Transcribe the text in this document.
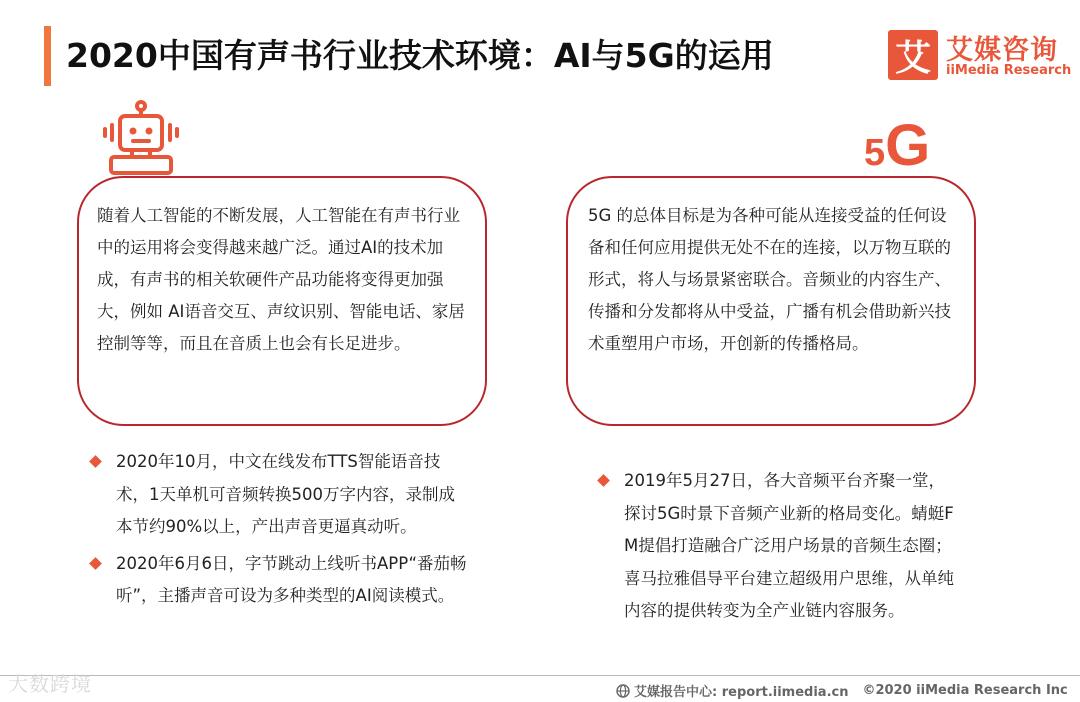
2020中国有声书行业技术环境：AI与5G的运用	艾 艾媒咨询
iiMedia Research
5G

随着人工智能的不断发展，人工智能在有声书行业中的运用将会变得越来越广泛。通过AI的技术加成，有声书的相关软硬件产品功能将变得更加强大，例如 AI语音交互、声纹识别、智能电话、家居控制等等，而且在音质上也会有长足进步。

5G 的总体目标是为各种可能从连接受益的任何设备和任何应用提供无处不在的连接，以万物互联的形式，将人与场景紧密联合。音频业的内容生产、传播和分发都将从中受益，广播有机会借助新兴技术重塑用户市场，开创新的传播格局。

2020年10月，中文在线发布TTS智能语音技术，1天单机可音频转换500万字内容，录制成本节约90%以上，产出声音更逼真动听。
2020年6月6日，字节跳动上线听书APP“番茄畅听”，主播声音可设为多种类型的AI阅读模式。
2019年5月27日，各大音频平台齐聚一堂，探讨5G时景下音频产业新的格局变化。蜻蜓FM提倡打造融合广泛用户场景的音频生态圈；喜马拉雅倡导平台建立超级用户思维，从单纯内容的提供转变为全产业链内容服务。
大数跨境	艾媒报告中心: report.iimedia.cn ©2020 iiMedia Research Inc
